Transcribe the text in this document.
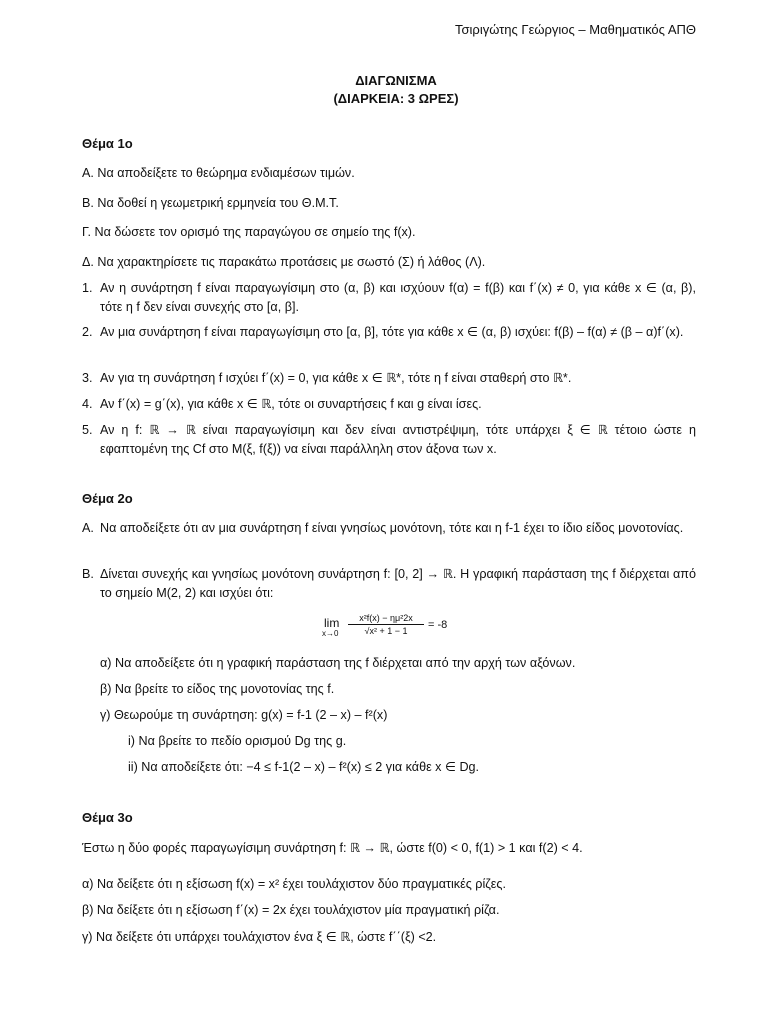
Τσιριγώτης Γεώργιος – Μαθηματικός ΑΠΘ
ΔΙΑΓΩΝΙΣΜΑ
(ΔΙΑΡΚΕΙΑ: 3 ΩΡΕΣ)
Θέμα 1ο
Α. Να αποδείξετε το θεώρημα ενδιαμέσων τιμών.
Β. Να δοθεί η γεωμετρική ερμηνεία του Θ.Μ.Τ.
Γ. Να δώσετε τον ορισμό της παραγώγου σε σημείο της f(x).
Δ. Να χαρακτηρίσετε τις παρακάτω προτάσεις με σωστό (Σ) ή λάθος (Λ).
1. Αν η συνάρτηση f είναι παραγωγίσιμη στο (α, β) και ισχύουν f(α) = f(β) και f΄(x) ≠ 0, για κάθε x ∈ (α, β), τότε η f δεν είναι συνεχής στο [α, β].
2. Αν μια συνάρτηση f είναι παραγωγίσιμη στο [α, β], τότε για κάθε x ∈ (α, β) ισχύει: f(β) – f(α) ≠ (β – α)f΄(x).
3. Αν για τη συνάρτηση f ισχύει f΄(x) = 0, για κάθε x ∈ ℝ*, τότε η f είναι σταθερή στο ℝ*.
4. Αν f΄(x) = g΄(x), για κάθε x ∈ ℝ, τότε οι συναρτήσεις f και g είναι ίσες.
5. Αν η f: ℝ → ℝ είναι παραγωγίσιμη και δεν είναι αντιστρέψιμη, τότε υπάρχει ξ ∈ ℝ τέτοιο ώστε η εφαπτομένη της Cf στο Μ(ξ, f(ξ)) να είναι παράλληλη στον άξονα των x.
Θέμα 2ο
Α. Να αποδείξετε ότι αν μια συνάρτηση f είναι γνησίως μονότονη, τότε και η f-1 έχει το ίδιο είδος μονοτονίας.
Β. Δίνεται συνεχής και γνησίως μονότονη συνάρτηση f: [0, 2] → ℝ. Η γραφική παράσταση της f διέρχεται από το σημείο Μ(2, 2) και ισχύει ότι:
lim
x→0
x²f(x) − ημ²2x
√x² + 1 − 1	= -8
α) Να αποδείξετε ότι η γραφική παράσταση της f διέρχεται από την αρχή των αξόνων.
β) Να βρείτε το είδος της μονοτονίας της f.
γ) Θεωρούμε τη συνάρτηση: g(x) = f-1 (2 – x) – f²(x)
i) Να βρείτε το πεδίο ορισμού Dg της g.
ii) Να αποδείξετε ότι: −4 ≤ f-1(2 – x) – f²(x) ≤ 2 για κάθε x ∈ Dg.
Θέμα 3ο
Έστω η δύο φορές παραγωγίσιμη συνάρτηση f: ℝ → ℝ, ώστε f(0) < 0, f(1) > 1 και f(2) < 4.
α) Να δείξετε ότι η εξίσωση f(x) = x² έχει τουλάχιστον δύο πραγματικές ρίζες.
β) Να δείξετε ότι η εξίσωση f΄(x) = 2x έχει τουλάχιστον μία πραγματική ρίζα.
γ) Να δείξετε ότι υπάρχει τουλάχιστον ένα ξ ∈ ℝ, ώστε f΄΄(ξ) <2.
